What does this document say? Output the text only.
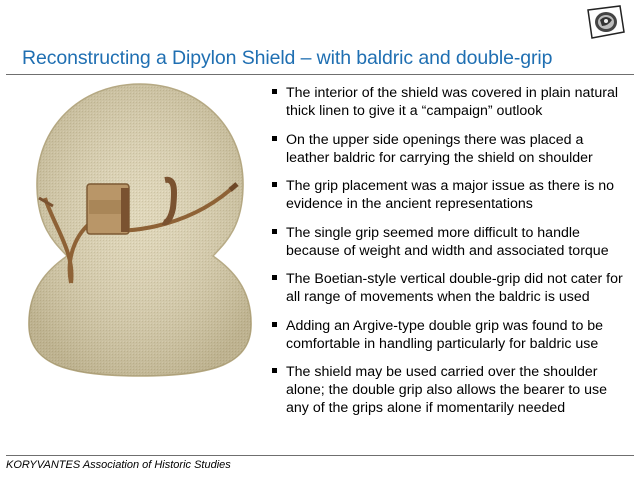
Reconstructing a Dipylon Shield – with baldric and double-grip
The interior of the shield was covered in plain natural thick linen to give it a “campaign” outlook
On the upper side openings there was placed a leather baldric for carrying the shield on shoulder
The grip placement was a major issue as there is no evidence in the ancient representations
The single grip seemed more difficult to handle because of weight and width and associated torque
The Boetian-style vertical double-grip did not cater for all range of movements when the baldric is used
Adding an Argive-type double grip was found to be comfortable in handling particularly for baldric use
The shield may be used carried over the shoulder alone; the double grip also allows the bearer to use any of the grips alone if momentarily needed
KORYVANTES Association of Historic Studies
